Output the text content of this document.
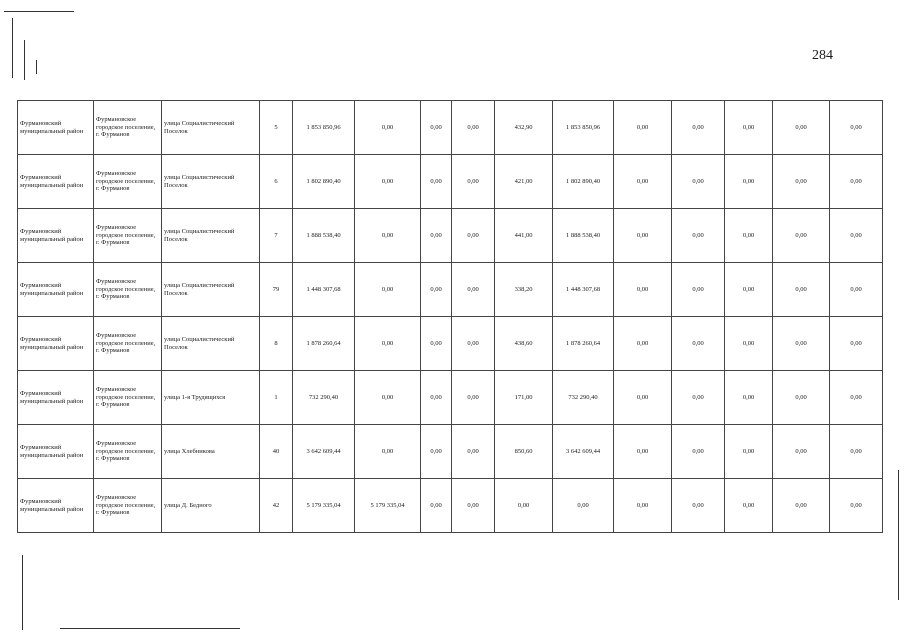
284
Фурмановский муниципальный район	Фурмановское городское поселение, г. Фурманов	улица Социалистический Поселок	5	1 853 850,96	0,00	0,00	0,00	432,90	1 853 850,96	0,00	0,00	0,00	0,00	0,00
Фурмановский муниципальный район	Фурмановское городское поселение, г. Фурманов	улица Социалистический Поселок	6	1 802 890,40	0,00	0,00	0,00	421,00	1 802 890,40	0,00	0,00	0,00	0,00	0,00
Фурмановский муниципальный район	Фурмановское городское поселение, г. Фурманов	улица Социалистический Поселок	7	1 888 538,40	0,00	0,00	0,00	441,00	1 888 538,40	0,00	0,00	0,00	0,00	0,00
Фурмановский муниципальный район	Фурмановское городское поселение, г. Фурманов	улица Социалистический Поселок	79	1 448 307,68	0,00	0,00	0,00	338,20	1 448 307,68	0,00	0,00	0,00	0,00	0,00
Фурмановский муниципальный район	Фурмановское городское поселение, г. Фурманов	улица Социалистический Поселок	8	1 878 260,64	0,00	0,00	0,00	438,60	1 878 260,64	0,00	0,00	0,00	0,00	0,00
Фурмановский муниципальный район	Фурмановское городское поселение, г. Фурманов	улица 1-я Трудящихся	1	732 290,40	0,00	0,00	0,00	171,00	732 290,40	0,00	0,00	0,00	0,00	0,00
Фурмановский муниципальный район	Фурмановское городское поселение, г. Фурманов	улица Хлебникова	40	3 642 609,44	0,00	0,00	0,00	850,60	3 642 609,44	0,00	0,00	0,00	0,00	0,00
Фурмановский муниципальный район	Фурмановское городское поселение, г. Фурманов	улица Д. Бедного	42	5 179 335,04	5 179 335,04	0,00	0,00	0,00	0,00	0,00	0,00	0,00	0,00	0,00
